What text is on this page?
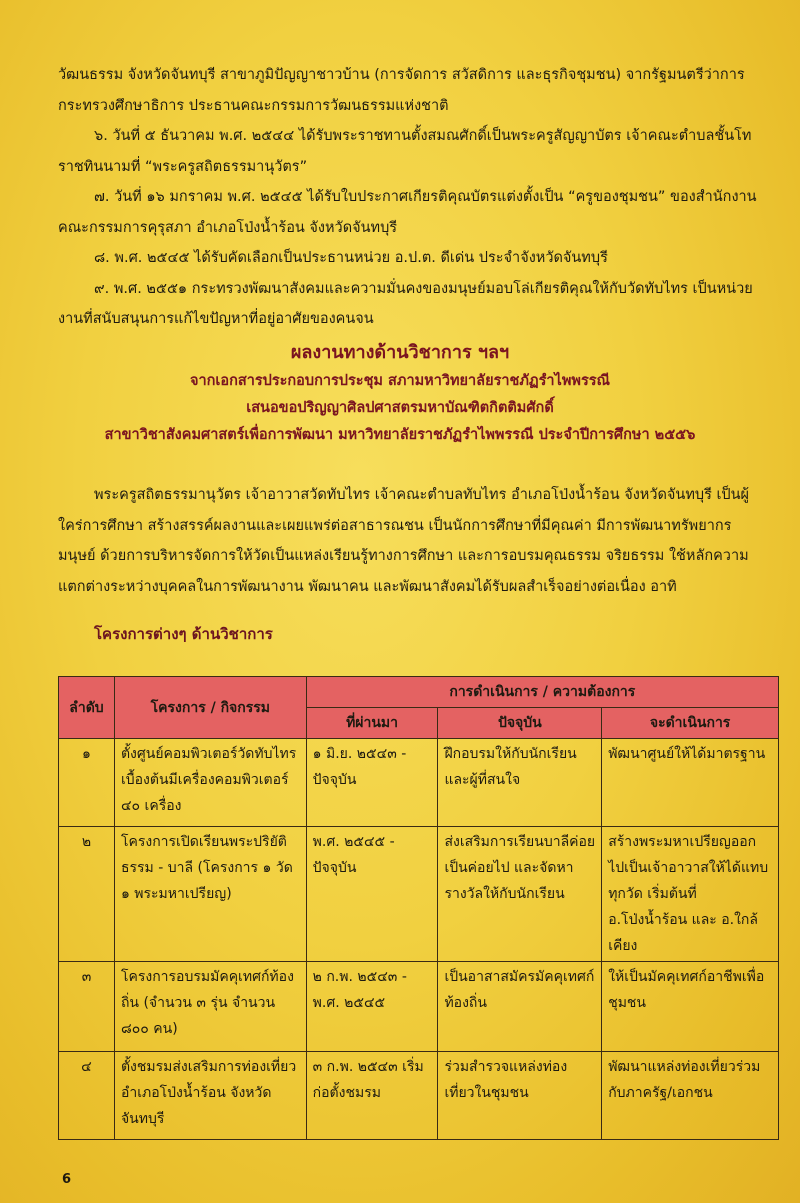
วัฒนธรรม จังหวัดจันทบุรี สาขาภูมิปัญญาชาวบ้าน (การจัดการ สวัสดิการ และธุรกิจชุมชน) จากรัฐมนตรีว่าการกระทรวงศึกษาธิการ ประธานคณะกรรมการวัฒนธรรมแห่งชาติ

๖. วันที่ ๕ ธันวาคม พ.ศ. ๒๕๔๔ ได้รับพระราชทานตั้งสมณศักดิ์เป็นพระครูสัญญาบัตร เจ้าคณะตำบลชั้นโท ราชทินนามที่ “พระครูสถิตธรรมานุวัตร”

๗. วันที่ ๑๖ มกราคม พ.ศ. ๒๕๔๕ ได้รับใบประกาศเกียรติคุณบัตรแต่งตั้งเป็น “ครูของชุมชน” ของสำนักงานคณะกรรมการคุรุสภา อำเภอโป่งน้ำร้อน จังหวัดจันทบุรี

๘. พ.ศ. ๒๕๔๕ ได้รับคัดเลือกเป็นประธานหน่วย อ.ป.ต. ดีเด่น ประจำจังหวัดจันทบุรี

๙. พ.ศ. ๒๕๕๑ กระทรวงพัฒนาสังคมและความมั่นคงของมนุษย์มอบโล่เกียรติคุณให้กับวัดทับไทร เป็นหน่วยงานที่สนับสนุนการแก้ไขปัญหาที่อยู่อาศัยของคนจน

ผลงานทางด้านวิชาการ ฯลฯ
จากเอกสารประกอบการประชุม สภามหาวิทยาลัยราชภัฏรำไพพรรณี
เสนอขอปริญญาศิลปศาสตรมหาบัณฑิตกิตติมศักดิ์
สาขาวิชาสังคมศาสตร์เพื่อการพัฒนา มหาวิทยาลัยราชภัฏรำไพพรรณี ประจำปีการศึกษา ๒๕๕๖

พระครูสถิตธรรมานุวัตร เจ้าอาวาสวัดทับไทร เจ้าคณะตำบลทับไทร อำเภอโป่งน้ำร้อน จังหวัดจันทบุรี เป็นผู้ใคร่การศึกษา สร้างสรรค์ผลงานและเผยแพร่ต่อสาธารณชน เป็นนักการศึกษาที่มีคุณค่า มีการพัฒนาทรัพยากรมนุษย์ ด้วยการบริหารจัดการให้วัดเป็นแหล่งเรียนรู้ทางการศึกษา และการอบรมคุณธรรม จริยธรรม ใช้หลักความแตกต่างระหว่างบุคคลในการพัฒนางาน พัฒนาคน และพัฒนาสังคมได้รับผลสำเร็จอย่างต่อเนื่อง อาทิ

โครงการต่างๆ ด้านวิชาการ
ลำดับ	โครงการ / กิจกรรม	การดำเนินการ / ความต้องการ		
		ที่ผ่านมา	ปัจจุบัน	จะดำเนินการ
๑	ตั้งศูนย์คอมพิวเตอร์วัดทับไทรเบื้องต้นมีเครื่องคอมพิวเตอร์ ๔๐ เครื่อง	๑ มิ.ย. ๒๕๔๓ - ปัจจุบัน	ฝึกอบรมให้กับนักเรียนและผู้ที่สนใจ	พัฒนาศูนย์ให้ได้มาตรฐาน
๒	โครงการเปิดเรียนพระปริยัติธรรม - บาลี (โครงการ ๑ วัด ๑ พระมหาเปรียญ)	พ.ศ. ๒๕๔๕ - ปัจจุบัน	ส่งเสริมการเรียนบาลีค่อยเป็นค่อยไป และจัดหารางวัลให้กับนักเรียน	สร้างพระมหาเปรียญออกไปเป็นเจ้าอาวาสให้ได้แทบทุกวัด เริ่มต้นที่ อ.โป่งน้ำร้อน และ อ.ใกล้เคียง
๓	โครงการอบรมมัคคุเทศก์ท้องถิ่น (จำนวน ๓ รุ่น จำนวน ๘๐๐ คน)	๒ ก.พ. ๒๕๔๓ - พ.ศ. ๒๕๔๕	เป็นอาสาสมัครมัคคุเทศก์ท้องถิ่น	ให้เป็นมัคคุเทศก์อาชีพเพื่อชุมชน
๔	ตั้งชมรมส่งเสริมการท่องเที่ยวอำเภอโป่งน้ำร้อน จังหวัดจันทบุรี	๓ ก.พ. ๒๕๔๓ เริ่มก่อตั้งชมรม	ร่วมสำรวจแหล่งท่องเที่ยวในชุมชน	พัฒนาแหล่งท่องเที่ยวร่วมกับภาครัฐ/เอกชน
6
